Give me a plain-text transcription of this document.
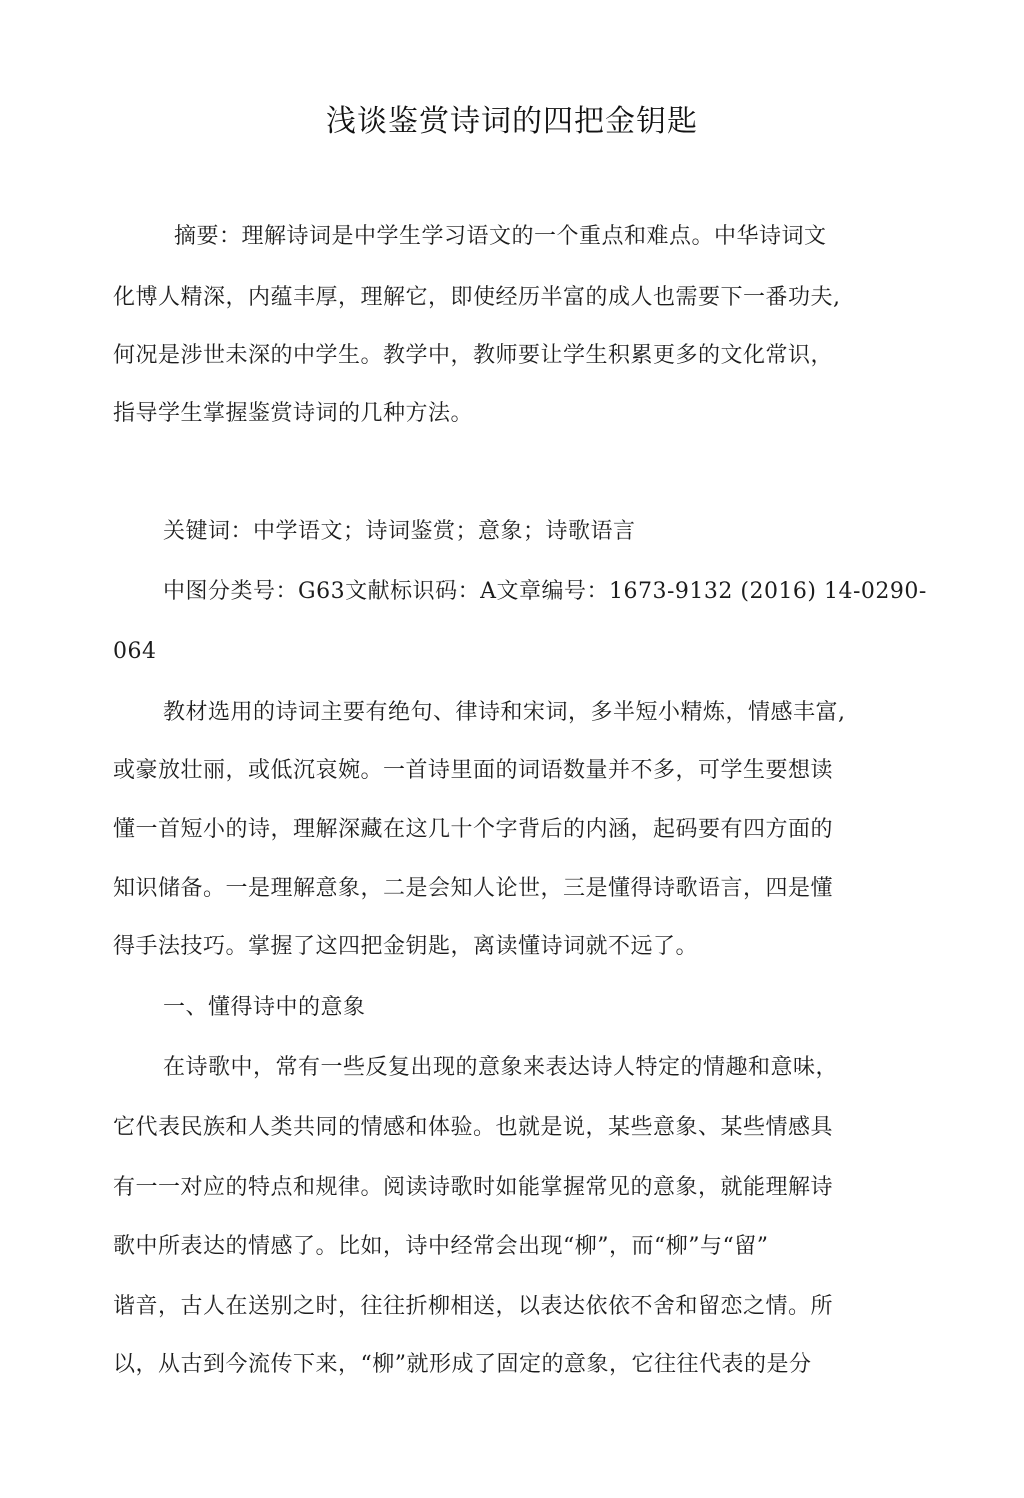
浅谈鉴赏诗词的四把金钥匙
摘要：理解诗词是中学生学习语文的一个重点和难点。中华诗词文
化博人精深，内蕴丰厚，理解它，即使经历半富的成人也需要下一番功夫,
何况是涉世未深的中学生。教学中，教师要让学生积累更多的文化常识，
指导学生掌握鉴赏诗词的几种方法。
关键词：中学语文；诗词鉴赏；意象；诗歌语言
中图分类号：G63文献标识码：A文章编号：1673-9132 (2016) 14-0290-
064
教材选用的诗词主要有绝句、律诗和宋词，多半短小精炼，情感丰富,
或豪放壮丽，或低沉哀婉。一首诗里面的词语数量并不多，可学生要想读
懂一首短小的诗，理解深藏在这几十个字背后的内涵，起码要有四方面的
知识储备。一是理解意象，二是会知人论世，三是懂得诗歌语言，四是懂
得手法技巧。掌握了这四把金钥匙，离读懂诗词就不远了。
一、懂得诗中的意象
在诗歌中，常有一些反复出现的意象来表达诗人特定的情趣和意味，
它代表民族和人类共同的情感和体验。也就是说，某些意象、某些情感具
有一一对应的特点和规律。阅读诗歌时如能掌握常见的意象，就能理解诗
歌中所表达的情感了。比如，诗中经常会出现“柳”，而“柳”与“留”
谐音，古人在送别之时，往往折柳相送，以表达依依不舍和留恋之情。所
以，从古到今流传下来，“柳”就形成了固定的意象，它往往代表的是分
